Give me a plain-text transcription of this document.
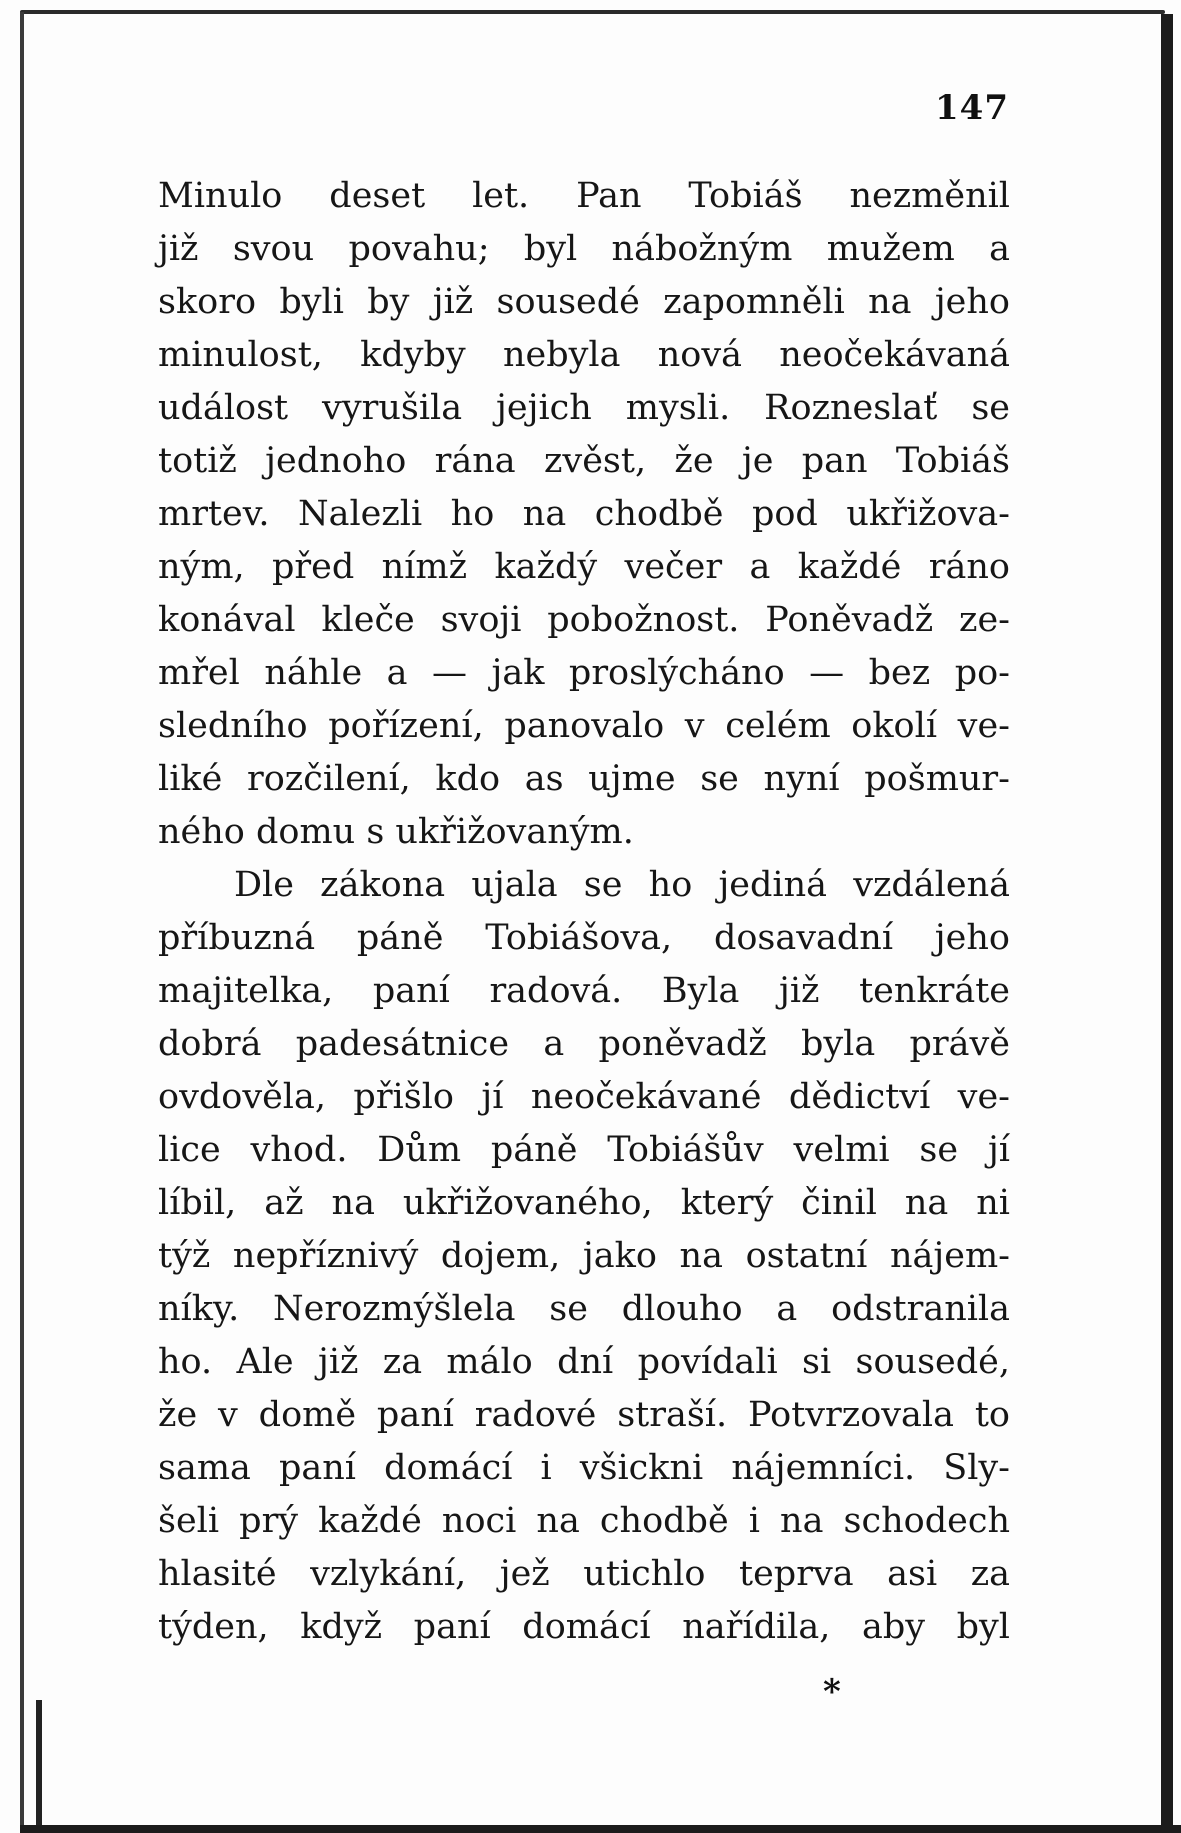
147
Minulo deset let. Pan Tobiáš nezměnil
již svou povahu; byl nábožným mužem a
skoro byli by již sousedé zapomněli na jeho
minulost, kdyby nebyla nová neočekávaná
událost vyrušila jejich mysli. Rozneslať se
totiž jednoho rána zvěst, že je pan Tobiáš
mrtev. Nalezli ho na chodbě pod ukřižova-
ným, před nímž každý večer a každé ráno
konával kleče svoji pobožnost. Poněvadž ze-
mřel náhle a — jak proslýcháno — bez po-
sledního pořízení, panovalo v celém okolí ve-
liké rozčilení, kdo as ujme se nyní pošmur-
ného domu s ukřižovaným.
Dle zákona ujala se ho jediná vzdálená
příbuzná páně Tobiášova, dosavadní jeho
majitelka, paní radová. Byla již tenkráte
dobrá padesátnice a poněvadž byla právě
ovdověla, přišlo jí neočekávané dědictví ve-
lice vhod. Dům páně Tobiášův velmi se jí
líbil, až na ukřižovaného, který činil na ni
týž nepříznivý dojem, jako na ostatní nájem-
níky. Nerozmýšlela se dlouho a odstranila
ho. Ale již za málo dní povídali si sousedé,
že v domě paní radové straší. Potvrzovala to
sama paní domácí i všickni nájemníci. Sly-
šeli prý každé noci na chodbě i na schodech
hlasité vzlykání, jež utichlo teprva asi za
týden, když paní domácí nařídila, aby byl
*
